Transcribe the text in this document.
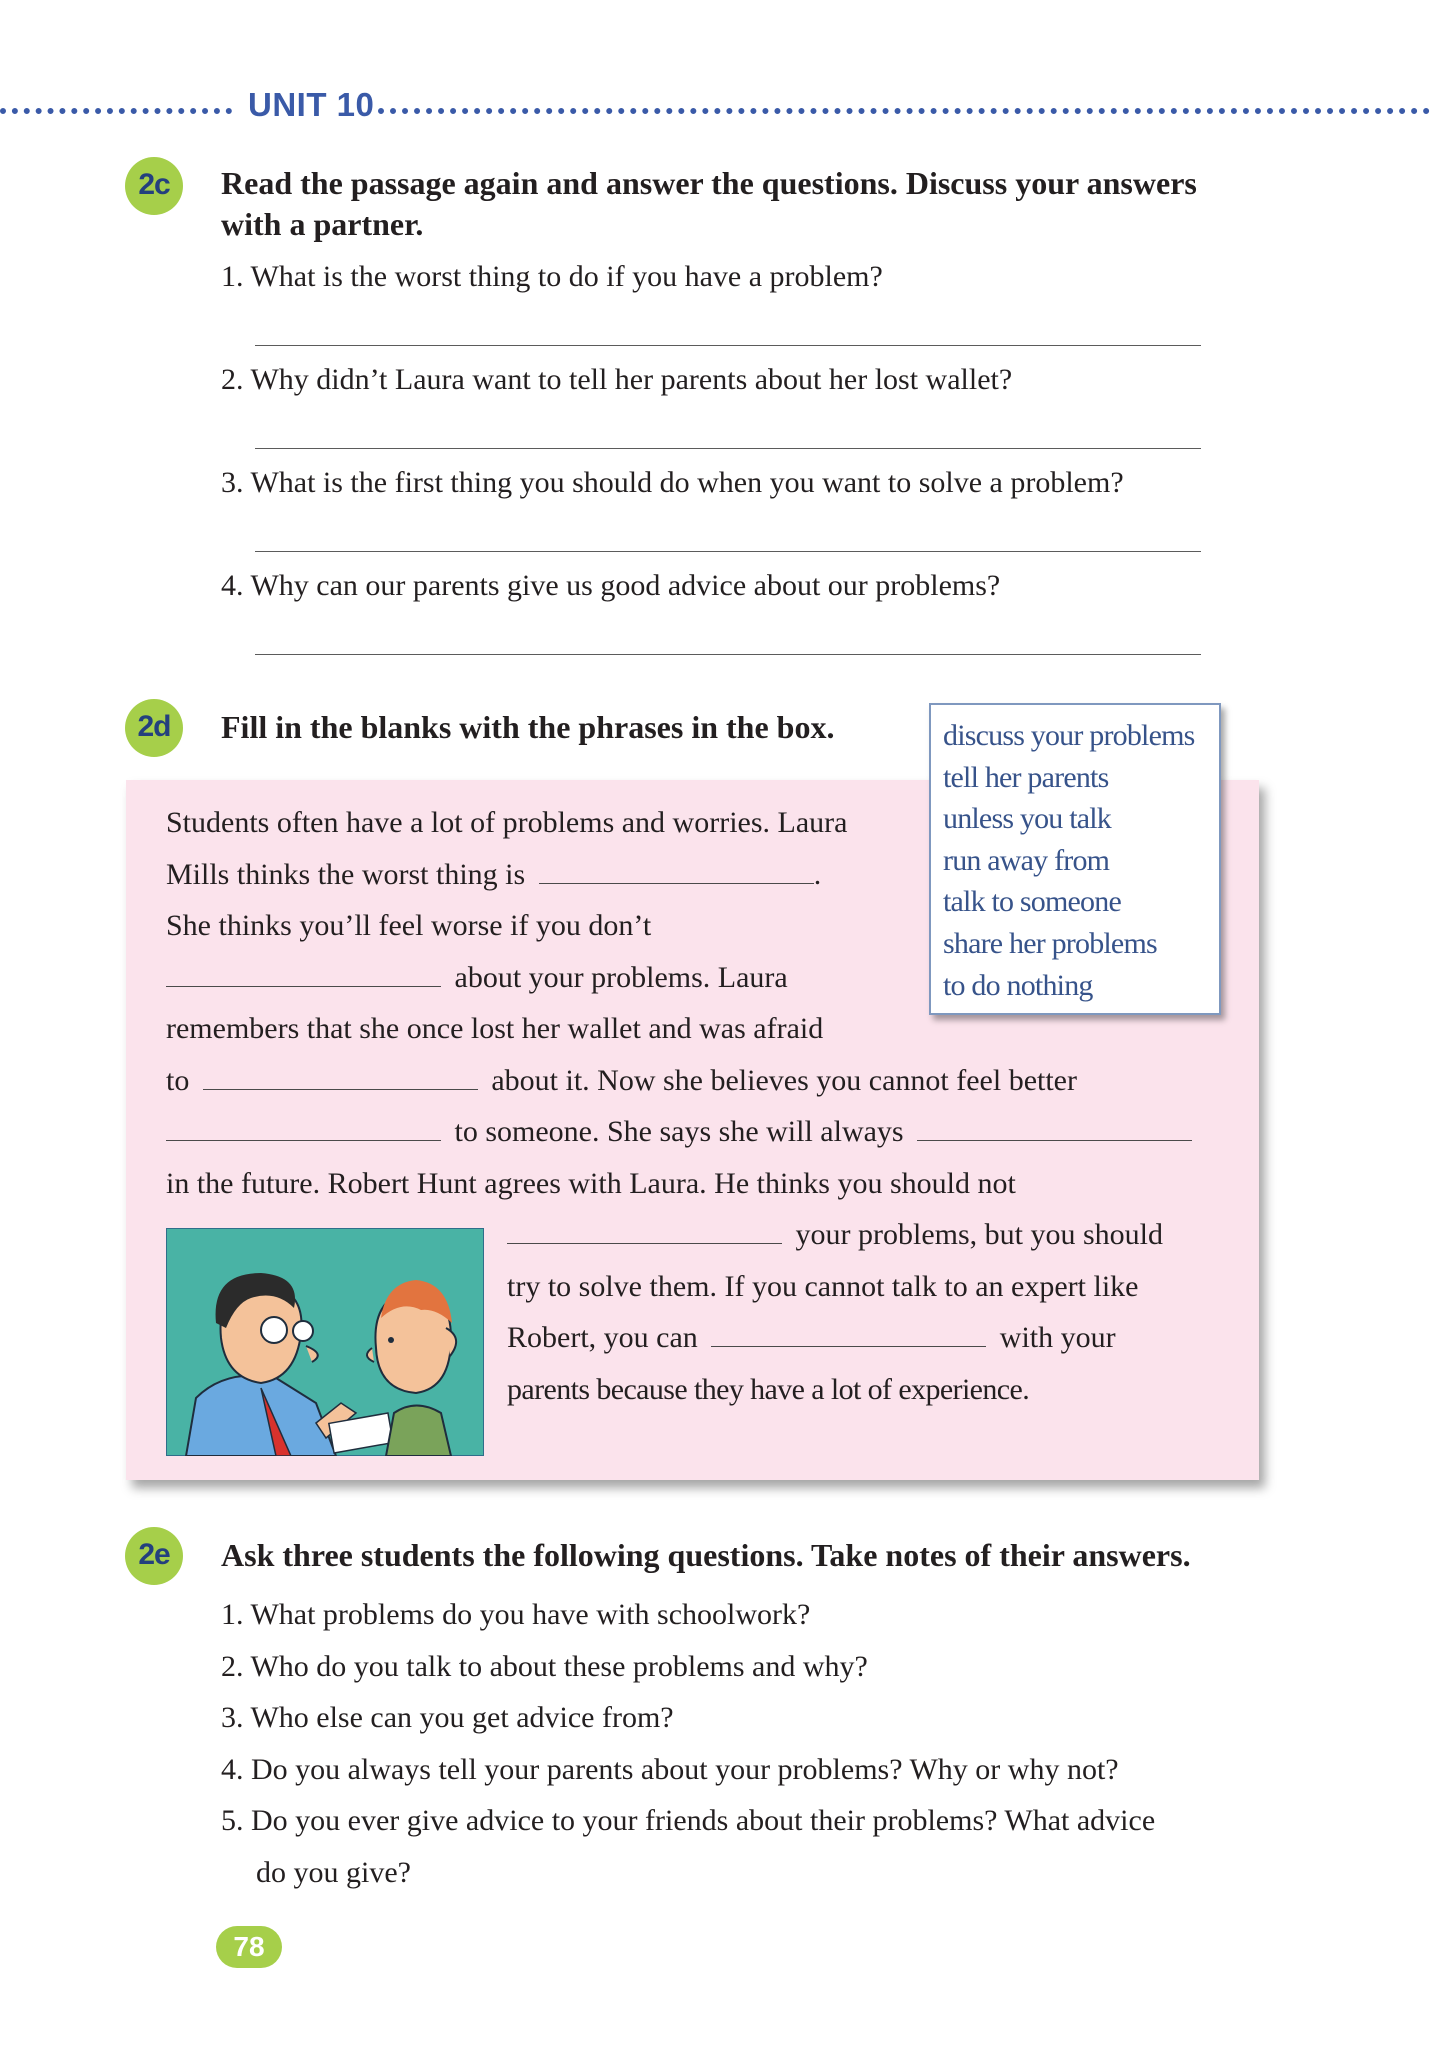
UNIT 10
2c	Read the passage again and answer the questions. Discuss your answers
with a partner.
1. What is the worst thing to do if you have a problem?
2. Why didn’t Laura want to tell her parents about her lost wallet?
3. What is the first thing you should do when you want to solve a problem?
4. Why can our parents give us good advice about our problems?
2d	Fill in the blanks with the phrases in the box.
Students often have a lot of problems and worries. Laura
Mills thinks the worst thing is	.
She thinks you’ll feel worse if you don’t
about your problems. Laura
remembers that she once lost her wallet and was afraid
to	about it. Now she believes you cannot feel better
to someone. She says she will always
in the future. Robert Hunt agrees with Laura. He thinks you should not
your problems, but you should
try to solve them. If you cannot talk to an expert like
Robert, you can	with your
parents because they have a lot of experience.
discuss your problems
tell her parents
unless you talk
run away from
talk to someone
share her problems
to do nothing
2e	Ask three students the following questions. Take notes of their answers.
1. What problems do you have with schoolwork?
2. Who do you talk to about these problems and why?
3. Who else can you get advice from?
4. Do you always tell your parents about your problems? Why or why not?
5. Do you ever give advice to your friends about their problems? What advice
do you give?
78
